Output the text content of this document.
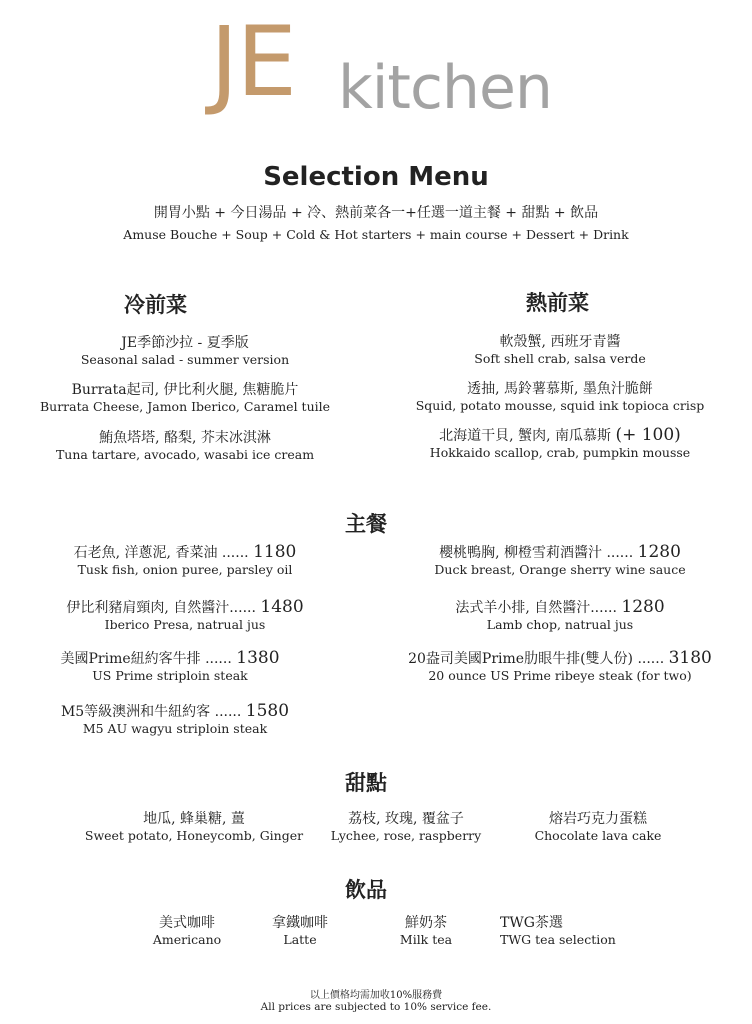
JE kitchen
Selection Menu
開胃小點 + 今日湯品 + 冷、熱前菜各一+任選一道主餐 + 甜點 + 飲品
Amuse Bouche + Soup + Cold & Hot starters + main course + Dessert + Drink
冷前菜
JE季節沙拉 - 夏季版
Seasonal salad - summer version
Burrata起司, 伊比利火腿, 焦糖脆片
Burrata Cheese, Jamon Iberico, Caramel tuile
鮪魚塔塔, 酪梨, 芥末冰淇淋
Tuna tartare, avocado, wasabi ice cream
熱前菜
軟殼蟹, 西班牙青醬
Soft shell crab, salsa verde
透抽, 馬鈴薯慕斯, 墨魚汁脆餅
Squid, potato mousse, squid ink topioca crisp
北海道干貝, 蟹肉, 南瓜慕斯 (+ 100)
Hokkaido scallop, crab, pumpkin mousse
主餐
石老魚, 洋蔥泥, 香菜油 ...... 1180
Tusk fish, onion puree, parsley oil
伊比利豬肩頸肉, 自然醬汁...... 1480
Iberico Presa, natrual jus
美國Prime紐約客牛排 ...... 1380
US Prime striploin steak
M5等級澳洲和牛紐約客 ...... 1580
M5 AU wagyu striploin steak
櫻桃鴨胸, 柳橙雪莉酒醬汁 ...... 1280
Duck breast, Orange sherry wine sauce
法式羊小排, 自然醬汁...... 1280
Lamb chop, natrual jus
20盎司美國Prime肋眼牛排(雙人份) ...... 3180
20 ounce US Prime ribeye steak (for two)
甜點
地瓜, 蜂巢糖, 薑
Sweet potato, Honeycomb, Ginger
荔枝, 玫瑰, 覆盆子
Lychee, rose, raspberry
熔岩巧克力蛋糕
Chocolate lava cake
飲品
美式咖啡
Americano
拿鐵咖啡
Latte
鮮奶茶
Milk tea
TWG茶選
TWG tea selection
以上價格均需加收10%服務費
All prices are subjected to 10% service fee.
